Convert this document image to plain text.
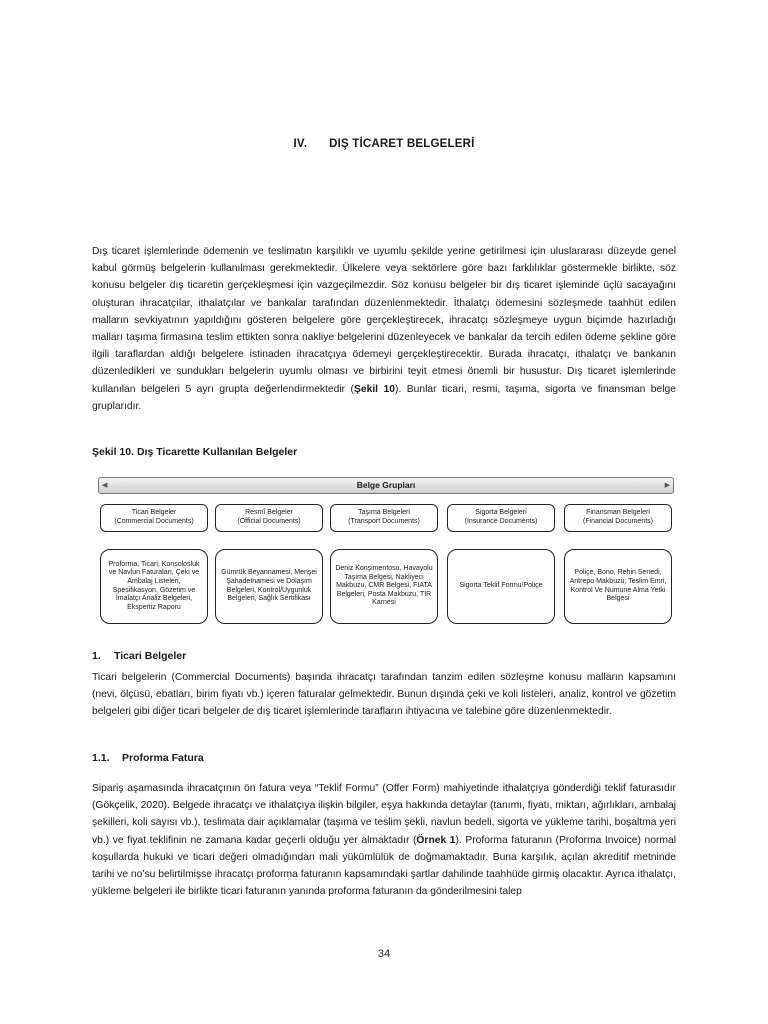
IV. DIŞ TİCARET BELGELERİ

Dış ticaret işlemlerinde ödemenin ve teslimatın karşılıklı ve uyumlu şekilde yerine getirilmesi için uluslararası düzeyde genel kabul görmüş belgelerin kullanılması gerekmektedir. Ülkelere veya sektörlere göre bazı farklılıklar göstermekle birlikte, söz konusu belgeler dış ticaretin gerçekleşmesi için vazgeçilmezdir. Söz konusu belgeler bir dış ticaret işleminde üçlü sacayağını oluşturan ihracatçılar, ithalatçılar ve bankalar tarafından düzenlenmektedir. İthalatçı ödemesini sözleşmede taahhüt edilen malların sevkiyatının yapıldığını gösteren belgelere göre gerçekleştirecek, ihracatçı sözleşmeye uygun biçimde hazırladığı malları taşıma firmasına teslim ettikten sonra nakliye belgelerini düzenleyecek ve bankalar da tercih edilen ödeme şekline göre ilgili taraflardan aldığı belgelere istinaden ihracatçıya ödemeyi gerçekleştirecektir. Burada ihracatçı, ithalatçı ve bankanın düzenledikleri ve sundukları belgelerin uyumlu olması ve birbirini teyit etmesi önemli bir husustur. Dış ticaret işlemlerinde kullanılan belgeleri 5 ayrı grupta değerlendirmektedir (Şekil 10). Bunlar ticari, resmi, taşıma, sigorta ve finansman belge gruplarıdır.

Şekil 10. Dış Ticarette Kullanılan Belgeler

◀	Belge Grupları	▶
Ticari Belgeler
(Commercial Documents)
Resmî Belgeler
(Official Documents)
Taşıma Belgeleri
(Transport Documents)
Sigorta Belgeleri
(Insurance Documents)
Finansman Belgeleri
(Financial Documents)
Proforma, Ticari, Konsolosluk ve Navlun Faturaları, Çeki ve Ambalaj Listeleri, Spesifikasyon, Gözetim ve İmalatçı Analiz Belgeleri, Ekspertiz Raporu
Gümrük Beyannamesi, Menşei Şahadetnamesi ve Dolaşım Belgeleri, Kontrol/Uygunluk Belgeleri, Sağlık Sertifikası
Deniz Konşimentosu, Havayolu Taşıma Belgesi, Nakliyeci Makbuzu, CMR Belgesi, FIATA Belgeleri, Posta Makbuzu, TIR Karnesi
Sigorta Teklif Formu/Poliçe
Poliçe, Bono, Rehin Senedi, Antrepo Makbuzu, Teslim Emri, Kontrol Ve Numune Alma Yetki Belgesi

1. Ticari Belgeler

Ticari belgelerin (Commercial Documents) başında ihracatçı tarafından tanzim edilen sözleşme konusu malların kapsamını (nevi, ölçüsü, ebatları, birim fiyatı vb.) içeren faturalar gelmektedir. Bunun dışında çeki ve koli listeleri, analiz, kontrol ve gözetim belgeleri gibi diğer ticari belgeler de dış ticaret işlemlerinde tarafların ihtiyacına ve talebine göre düzenlenmektedir.

1.1. Proforma Fatura

Sipariş aşamasında ihracatçının ön fatura veya “Teklif Formu” (Offer Form) mahiyetinde ithalatçıya gönderdiği teklif faturasıdır (Gökçelik, 2020). Belgede ihracatçı ve ithalatçıya ilişkin bilgiler, eşya hakkında detaylar (tanımı, fiyatı, miktarı, ağırlıkları, ambalaj şekilleri, koli sayısı vb.), teslimata dair açıklamalar (taşıma ve teslim şekli, navlun bedeli, sigorta ve yükleme tarihi, boşaltma yeri vb.) ve fiyat teklifinin ne zamana kadar geçerli olduğu yer almaktadır (Örnek 1). Proforma faturanın (Proforma Invoice) normal koşullarda hukuki ve ticari değeri olmadığından mali yükümlülük de doğmamaktadır. Buna karşılık, açılan akreditif metninde tarihi ve no’su belirtilmişse ihracatçı proforma faturanın kapsamındaki şartlar dahilinde taahhüde girmiş olacaktır. Ayrıca ithalatçı, yükleme belgeleri ile birlikte ticari faturanın yanında proforma faturanın da gönderilmesini talep

34
